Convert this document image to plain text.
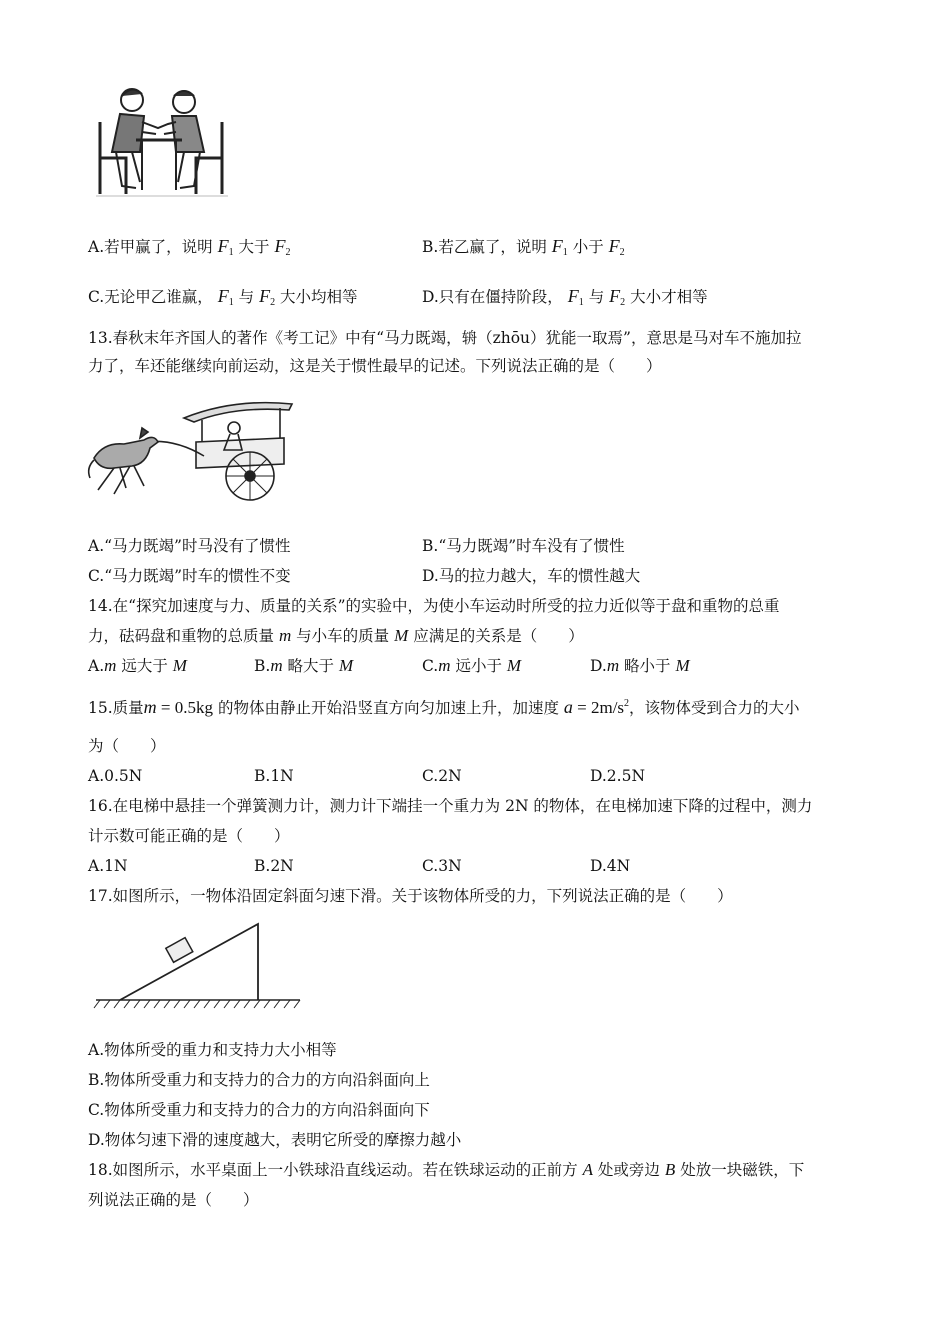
A.若甲赢了，说明 $F_1$ 大于 $F_2$	B.若乙赢了，说明 $F_1$ 小于 $F_2$
C.无论甲乙谁赢， $F_1$ 与 $F_2$ 大小均相等	D.只有在僵持阶段， $F_1$ 与 $F_2$ 大小才相等
13.春秋末年齐国人的著作《考工记》中有“马力既竭，辀（zhōu）犹能一取焉”，意思是马对车不施加拉
力了，车还能继续向前运动，这是关于惯性最早的记述。下列说法正确的是（　　）
A.“马力既竭”时马没有了惯性	B.“马力既竭”时车没有了惯性
C.“马力既竭”时车的惯性不变	D.马的拉力越大，车的惯性越大
14.在“探究加速度与力、质量的关系”的实验中，为使小车运动时所受的拉力近似等于盘和重物的总重
力，砝码盘和重物的总质量 m 与小车的质量 M 应满足的关系是（　　）
A.m 远大于 M	B.m 略大于 M	C.m 远小于 M	D.m 略小于 M
15.质量m = 0.5kg 的物体由静止开始沿竖直方向匀加速上升，加速度 $a = 2m/s^2$，该物体受到合力的大小
为（　　）
A.0.5N	B.1N	C.2N	D.2.5N
16.在电梯中悬挂一个弹簧测力计，测力计下端挂一个重力为 2N 的物体，在电梯加速下降的过程中，测力
计示数可能正确的是（　　）
A.1N	B.2N	C.3N	D.4N
17.如图所示，一物体沿固定斜面匀速下滑。关于该物体所受的力，下列说法正确的是（　　）
A.物体所受的重力和支持力大小相等
B.物体所受重力和支持力的合力的方向沿斜面向上
C.物体所受重力和支持力的合力的方向沿斜面向下
D.物体匀速下滑的速度越大，表明它所受的摩擦力越小
18.如图所示，水平桌面上一小铁球沿直线运动。若在铁球运动的正前方 A 处或旁边 B 处放一块磁铁，下
列说法正确的是（　　）
